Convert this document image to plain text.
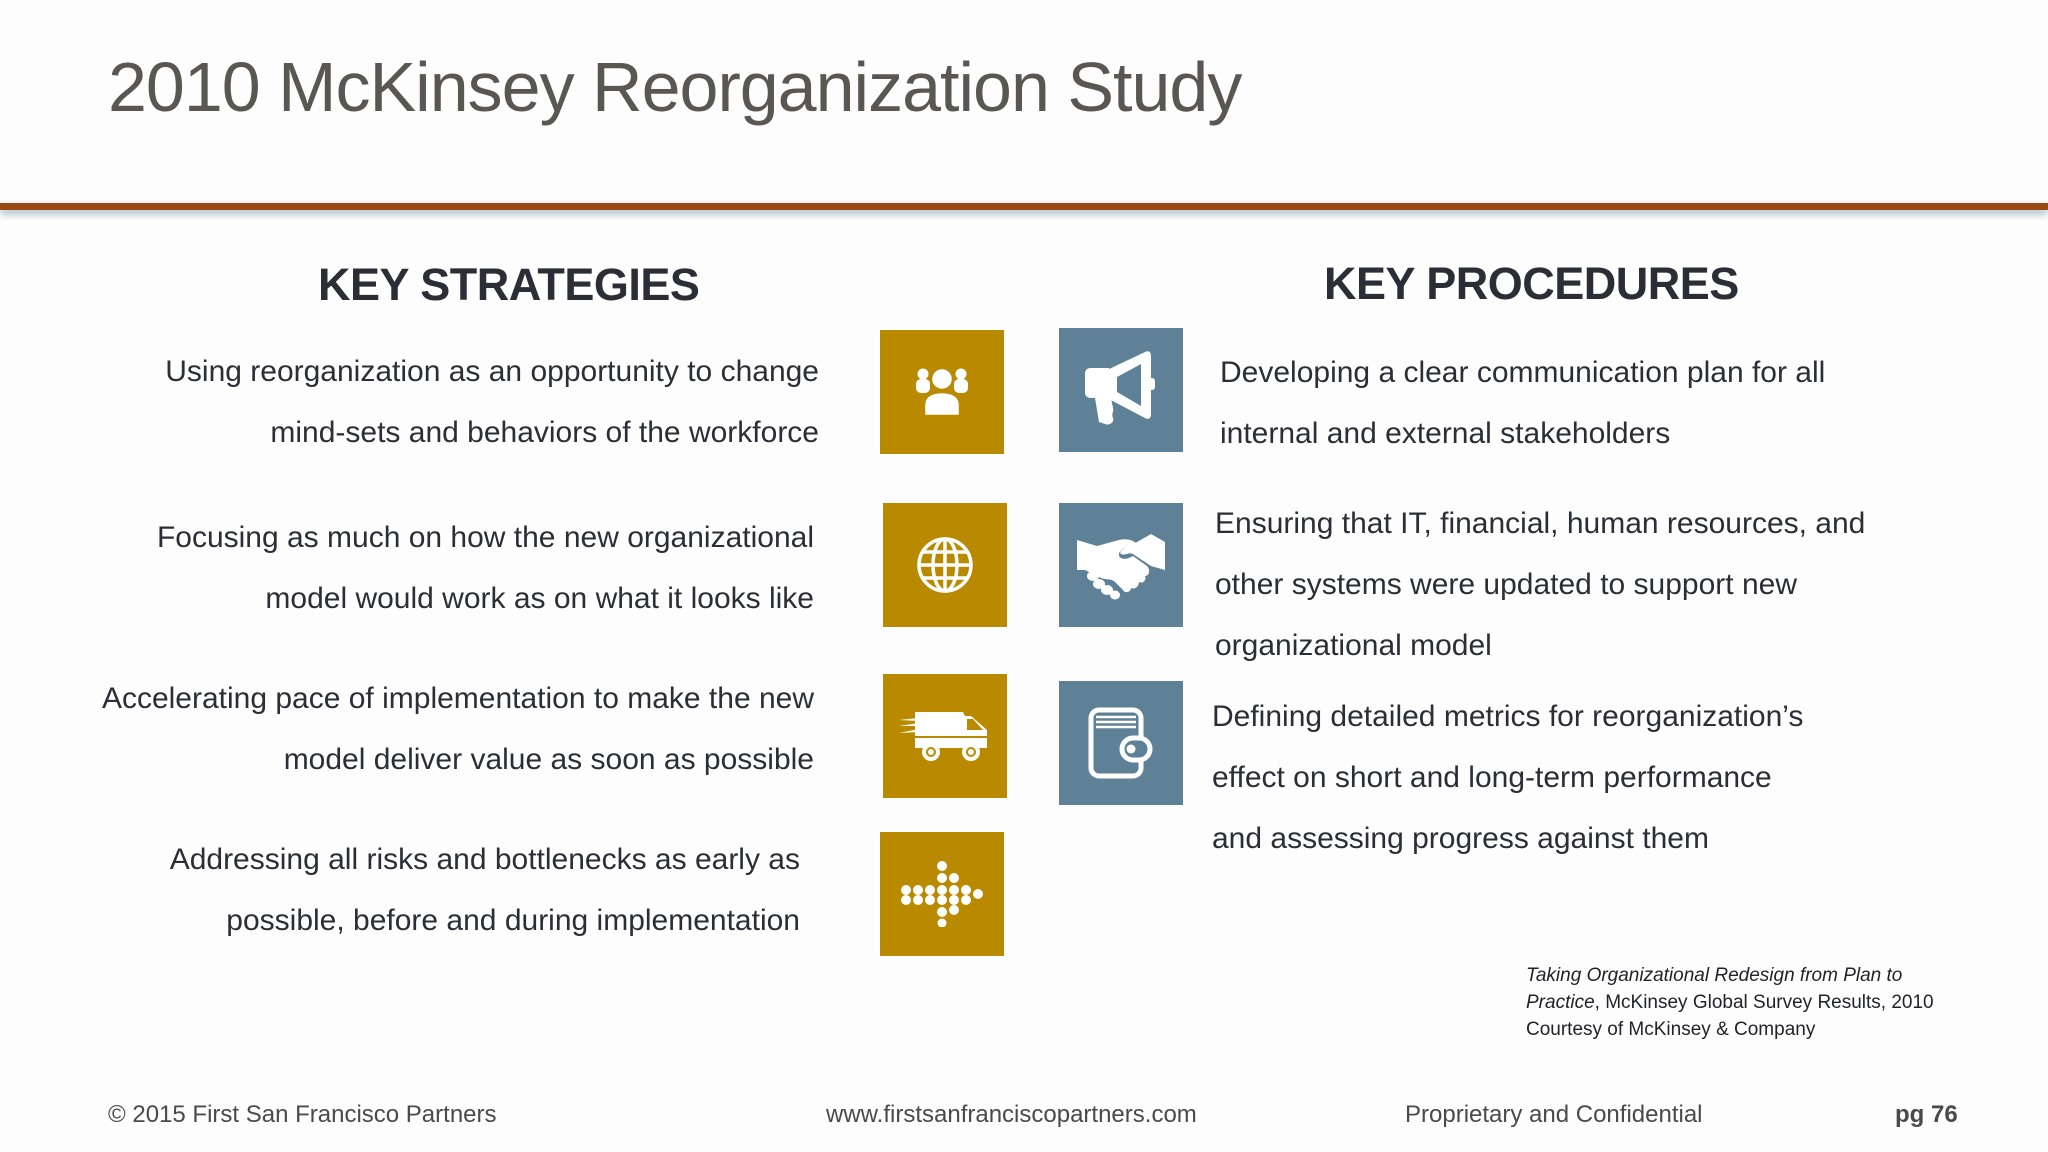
2010 McKinsey Reorganization Study
KEY STRATEGIES
Using reorganization as an opportunity to change
mind-sets and behaviors of the workforce
Focusing as much on how the new organizational
model would work as on what it looks like
Accelerating pace of implementation to make the new
model deliver value as soon as possible
Addressing all risks and bottlenecks as early as
possible, before and during implementation
KEY PROCEDURES
Developing a clear communication plan for all
internal and external stakeholders
Ensuring that IT, financial, human resources, and
other systems were updated to support new
organizational model
Defining detailed metrics for reorganization’s
effect on short and long-term performance
and assessing progress against them
Taking Organizational Redesign from Plan to
Practice, McKinsey Global Survey Results, 2010
Courtesy of McKinsey & Company
© 2015 First San Francisco Partners	www.firstsanfranciscopartners.com	Proprietary and Confidential	pg 76
